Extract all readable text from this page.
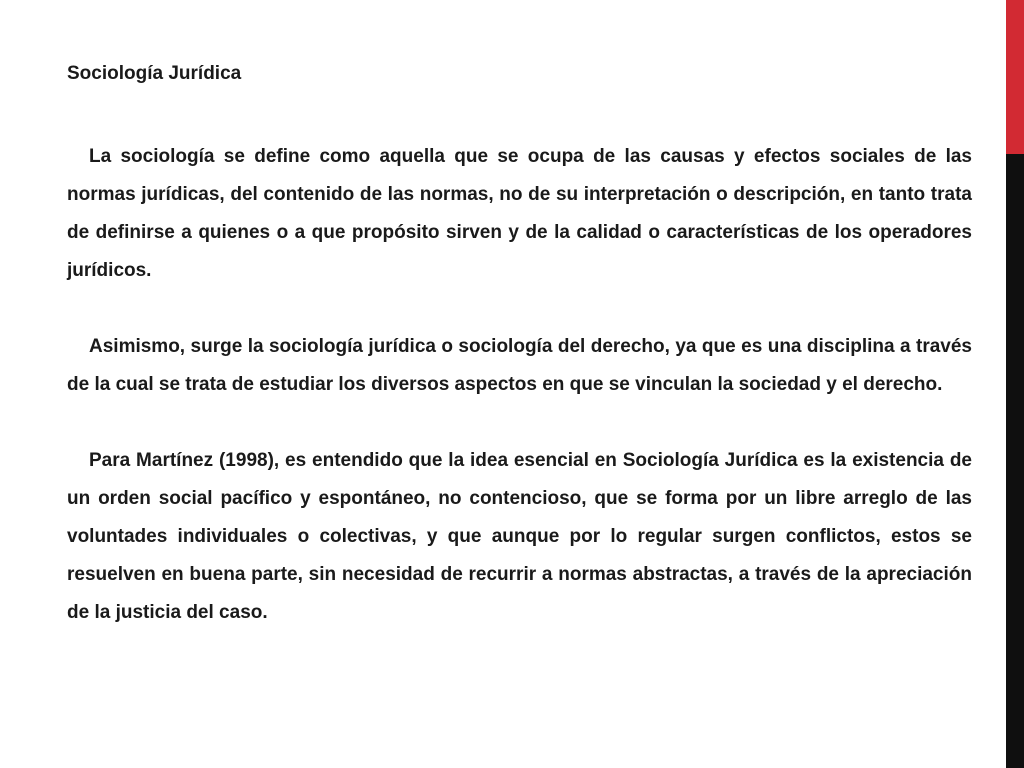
Sociología Jurídica

La sociología se define como aquella que se ocupa de las causas y efectos sociales de las normas jurídicas, del contenido de las normas, no de su interpretación o descripción, en tanto trata de definirse a quienes o a que propósito sirven y de la calidad o características de los operadores jurídicos.

Asimismo, surge la sociología jurídica o sociología del derecho, ya que es una disciplina a través de la cual se trata de estudiar los diversos aspectos en que se vinculan la sociedad y el derecho.

Para Martínez (1998), es entendido que la idea esencial en Sociología Jurídica es la existencia de un orden social pacífico y espontáneo, no contencioso, que se forma por un libre arreglo de las voluntades individuales o colectivas, y que aunque por lo regular surgen conflictos, estos se resuelven en buena parte, sin necesidad de recurrir a normas abstractas, a través de la apreciación de la justicia del caso.
